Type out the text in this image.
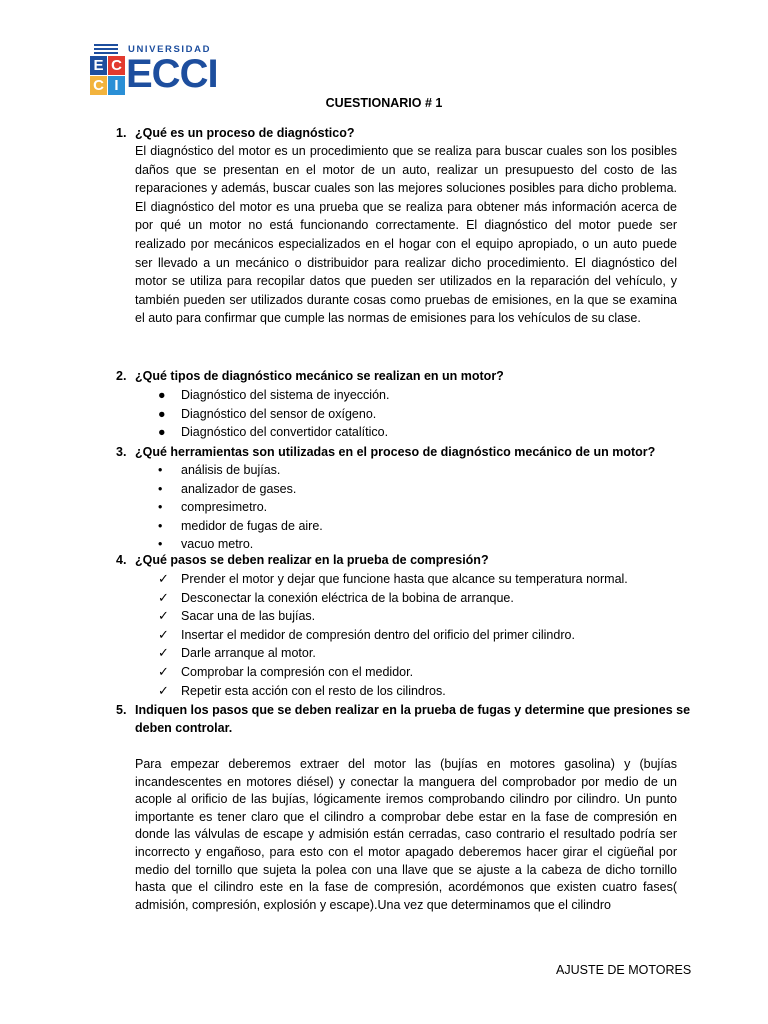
E C
C I
UNIVERSIDAD
ECCI
CUESTIONARIO # 1
1. ¿Qué es un proceso de diagnóstico?

El diagnóstico del motor es un procedimiento que se realiza para buscar cuales son los posibles daños que se presentan en el motor de un auto, realizar un presupuesto del costo de las reparaciones y además, buscar cuales son las mejores soluciones posibles para dicho problema. El diagnóstico del motor es una prueba que se realiza para obtener más información acerca de por qué un motor no está funcionando correctamente. El diagnóstico del motor puede ser realizado por mecánicos especializados en el hogar con el equipo apropiado, o un auto puede ser llevado a un mecánico o distribuidor para realizar dicho procedimiento. El diagnóstico del motor se utiliza para recopilar datos que pueden ser utilizados en la reparación del vehículo, y también pueden ser utilizados durante cosas como pruebas de emisiones, en la que se examina el auto para confirmar que cumple las normas de emisiones para los vehículos de su clase.

2. ¿Qué tipos de diagnóstico mecánico se realizan en un motor?
●	Diagnóstico del sistema de inyección.
●	Diagnóstico del sensor de oxígeno.
●	Diagnóstico del convertidor catalítico.
3. ¿Qué herramientas son utilizadas en el proceso de diagnóstico mecánico de un motor?
•	análisis de bujías.
•	analizador de gases.
•	compresimetro.
•	medidor de fugas de aire.
•	vacuo metro.
4. ¿Qué pasos se deben realizar en la prueba de compresión?
✓ Prender el motor y dejar que funcione hasta que alcance su temperatura normal.
✓ Desconectar la conexión eléctrica de la bobina de arranque.
✓ Sacar una de las bujías.
✓ Insertar el medidor de compresión dentro del orificio del primer cilindro.
✓ Darle arranque al motor.
✓ Comprobar la compresión con el medidor.
✓ Repetir esta acción con el resto de los cilindros.
5. Indiquen los pasos que se deben realizar en la prueba de fugas y determine que presiones se
deben controlar.

Para empezar deberemos extraer del motor las (bujías en motores gasolina) y (bujías incandescentes en motores diésel) y conectar la manguera del comprobador por medio de un acople al orificio de las bujías, lógicamente iremos comprobando cilindro por cilindro. Un punto importante es tener claro que el cilindro a comprobar debe estar en la fase de compresión en donde las válvulas de escape y admisión están cerradas, caso contrario el resultado podría ser incorrecto y engañoso, para esto con el motor apagado deberemos hacer girar el cigüeñal por medio del tornillo que sujeta la polea con una llave que se ajuste a la cabeza de dicho tornillo hasta que el cilindro este en la fase de compresión, acordémonos que existen cuatro fases( admisión, compresión, explosión y escape).Una vez que determinamos que el cilindro

AJUSTE DE MOTORES
